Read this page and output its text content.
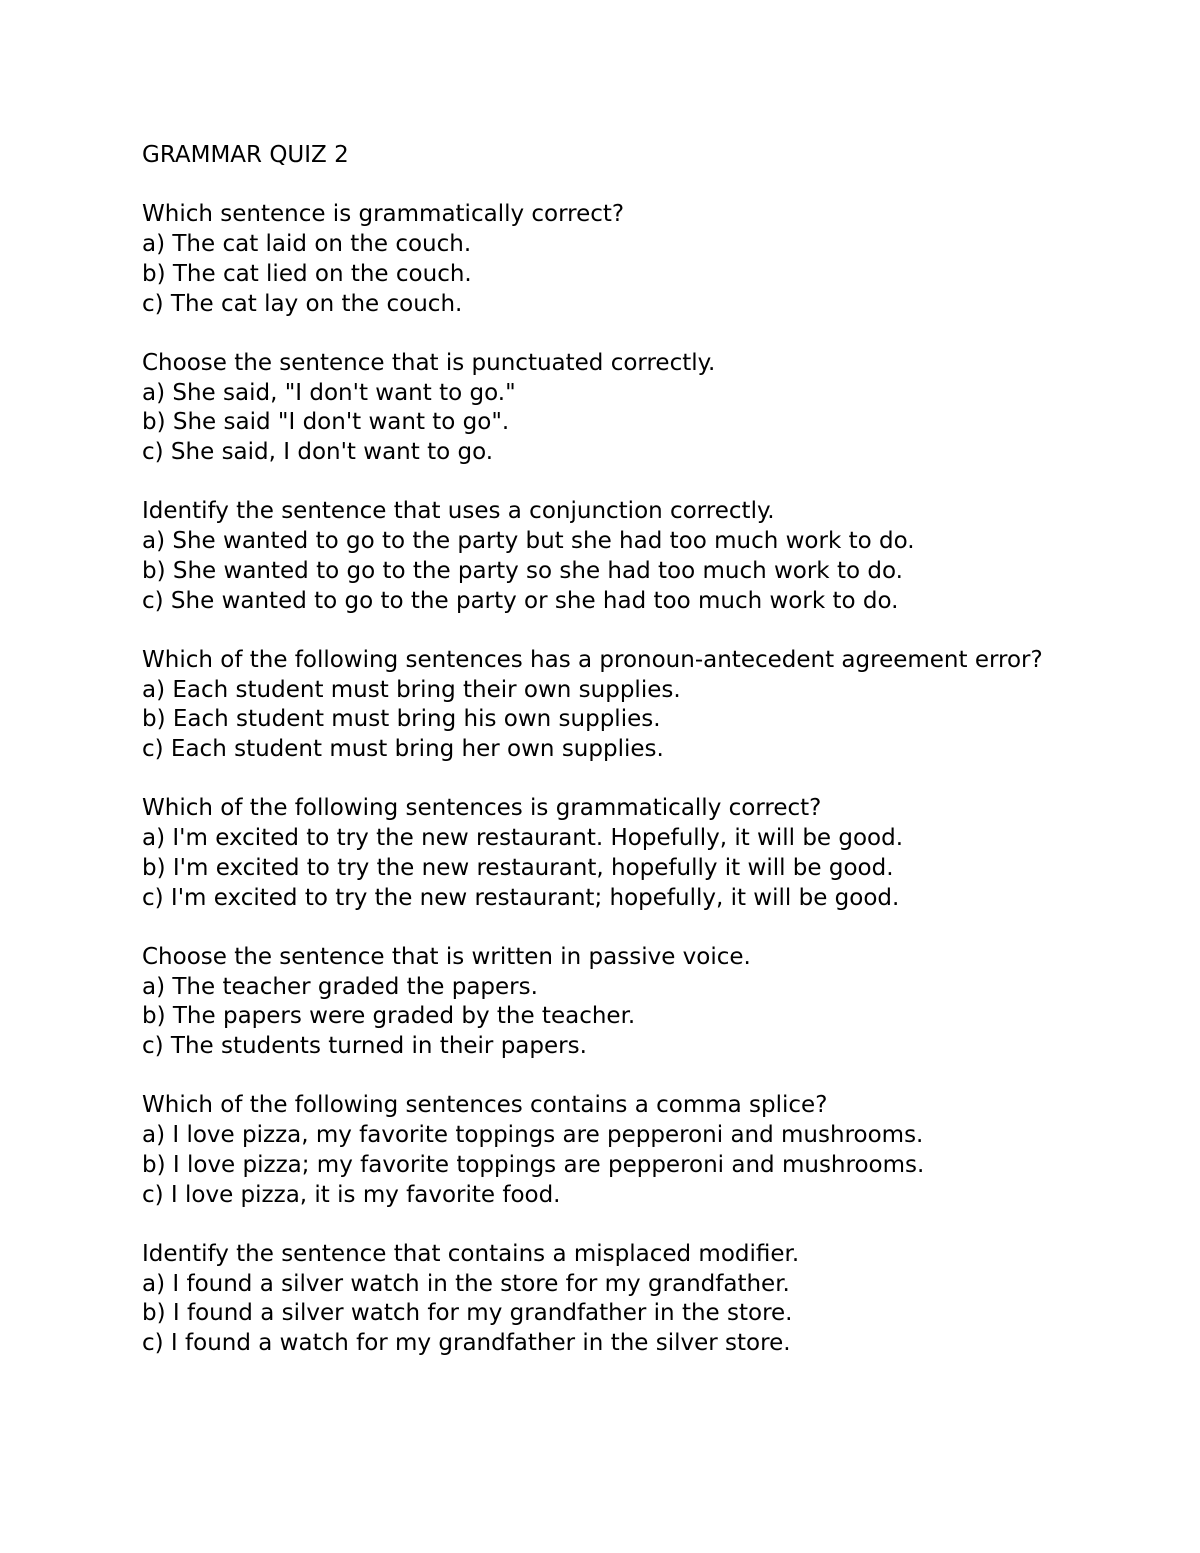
GRAMMAR QUIZ 2

Which sentence is grammatically correct?

a) The cat laid on the couch.
b) The cat lied on the couch.
c) The cat lay on the couch.

Choose the sentence that is punctuated correctly.

a) She said, "I don't want to go."
b) She said "I don't want to go".
c) She said, I don't want to go.

Identify the sentence that uses a conjunction correctly.

a) She wanted to go to the party but she had too much work to do.
b) She wanted to go to the party so she had too much work to do.
c) She wanted to go to the party or she had too much work to do.

Which of the following sentences has a pronoun-antecedent agreement error?

a) Each student must bring their own supplies.
b) Each student must bring his own supplies.
c) Each student must bring her own supplies.

Which of the following sentences is grammatically correct?

a) I'm excited to try the new restaurant. Hopefully, it will be good.
b) I'm excited to try the new restaurant, hopefully it will be good.
c) I'm excited to try the new restaurant; hopefully, it will be good.

Choose the sentence that is written in passive voice.

a) The teacher graded the papers.
b) The papers were graded by the teacher.
c) The students turned in their papers.

Which of the following sentences contains a comma splice?

a) I love pizza, my favorite toppings are pepperoni and mushrooms.
b) I love pizza; my favorite toppings are pepperoni and mushrooms.
c) I love pizza, it is my favorite food.

Identify the sentence that contains a misplaced modifier.

a) I found a silver watch in the store for my grandfather.
b) I found a silver watch for my grandfather in the store.
c) I found a watch for my grandfather in the silver store.
